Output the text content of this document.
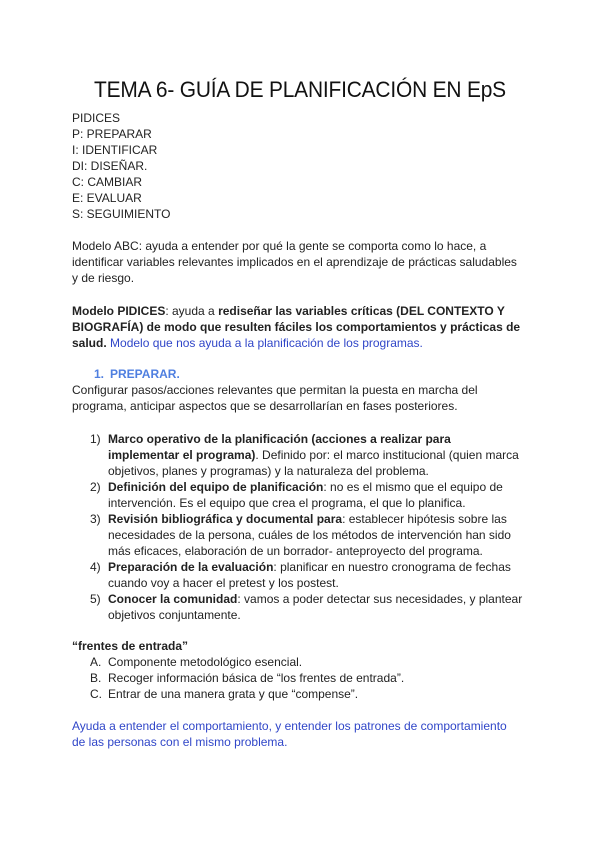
TEMA 6- GUÍA DE PLANIFICACIÓN EN EpS
PIDICES
P: PREPARAR
I: IDENTIFICAR
DI: DISEÑAR.
C: CAMBIAR
E: EVALUAR
S: SEGUIMIENTO
Modelo ABC: ayuda a entender por qué la gente se comporta como lo hace, a
identificar variables relevantes implicados en el aprendizaje de prácticas saludables
y de riesgo.
Modelo PIDICES: ayuda a rediseñar las variables críticas (DEL CONTEXTO Y
BIOGRAFÍA) de modo que resulten fáciles los comportamientos y prácticas de
salud. Modelo que nos ayuda a la planificación de los programas.
1. PREPARAR.
Configurar pasos/acciones relevantes que permitan la puesta en marcha del
programa, anticipar aspectos que se desarrollarían en fases posteriores.
1) Marco operativo de la planificación (acciones a realizar para
implementar el programa). Definido por: el marco institucional (quien marca
objetivos, planes y programas) y la naturaleza del problema.
2) Definición del equipo de planificación: no es el mismo que el equipo de
intervención. Es el equipo que crea el programa, el que lo planifica.
3) Revisión bibliográfica y documental para: establecer hipótesis sobre las
necesidades de la persona, cuáles de los métodos de intervención han sido
más eficaces, elaboración de un borrador- anteproyecto del programa.
4) Preparación de la evaluación: planificar en nuestro cronograma de fechas
cuando voy a hacer el pretest y los postest.
5) Conocer la comunidad: vamos a poder detectar sus necesidades, y plantear
objetivos conjuntamente.
“frentes de entrada”
A. Componente metodológico esencial.
B. Recoger información básica de “los frentes de entrada”.
C. Entrar de una manera grata y que “compense”.
Ayuda a entender el comportamiento, y entender los patrones de comportamiento
de las personas con el mismo problema.
